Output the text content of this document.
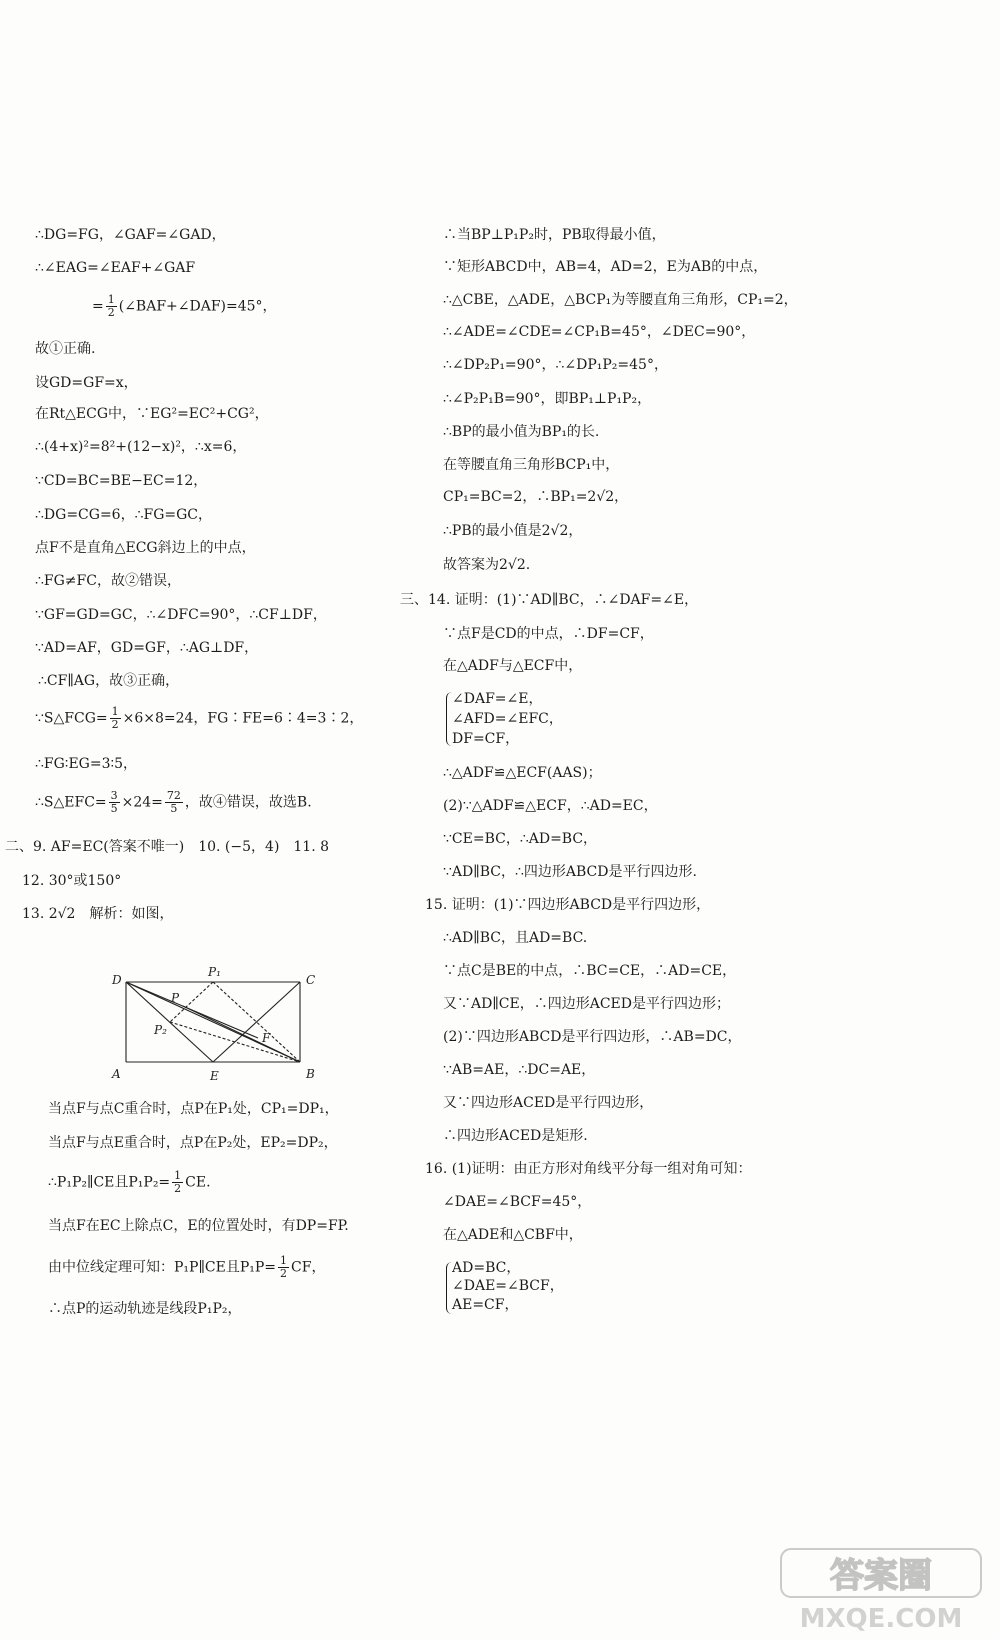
∴DG=FG，∠GAF=∠GAD，
∴∠EAG=∠EAF+∠GAF
= $\frac{1}{2}$ (∠BAF+∠DAF)=45°，
故①正确.
设GD=GF=x，
在Rt△ECG中，∵EG²=EC²+CG²，
∴(4+x)²=8²+(12−x)²，∴x=6，
∵CD=BC=BE−EC=12，
∴DG=CG=6，∴FG=GC，
点F不是直角△ECG斜边上的中点，
∴FG≠FC，故②错误，
∵GF=GD=GC，∴∠DFC=90°，∴CF⊥DF，
∵AD=AF，GD=GF，∴AG⊥DF，
∴CF∥AG，故③正确，
∵S△FCG= $\frac{1}{2} \times 6\times 8=24$，FG∶FE=6∶4=3∶2，
∴FG∶EG=3∶5，
∴S△EFC= $\frac{3}{5} \times 24= \frac{72}{5}$ ，故④错误，故选B.
二、9. AF=EC(答案不唯一)　10. (−5，4)　11. 8
12. 30°或150°
13. 2√2　解析：如图，
D	C
A	B
E
P₁
P
P₂
F
当点F与点C重合时，点P在P₁处，CP₁=DP₁，
当点F与点E重合时，点P在P₂处，EP₂=DP₂，
∴P₁P₂∥CE且$P_1P_2= \frac{1}{2}$ CE.
当点F在EC上除点C，E的位置处时，有DP=FP.
由中位线定理可知：P₁P∥CE且$P_1P= \frac{1}{2}$ CF，
∴点P的运动轨迹是线段P₁P₂，
∴当BP⊥P₁P₂时，PB取得最小值，
∵矩形ABCD中，AB=4，AD=2，E为AB的中点，
∴△CBE，△ADE，△BCP₁为等腰直角三角形，CP₁=2，
∴∠ADE=∠CDE=∠CP₁B=45°，∠DEC=90°，
∴∠DP₂P₁=90°，∴∠DP₁P₂=45°，
∴∠P₂P₁B=90°，即BP₁⊥P₁P₂，
∴BP的最小值为BP₁的长.
在等腰直角三角形BCP₁中，
CP₁=BC=2，∴BP₁=2√2，
∴PB的最小值是2√2，
故答案为2√2.
三、14. 证明：(1)∵AD∥BC，∴∠DAF=∠E，
∵点F是CD的中点，∴DF=CF，
在△ADF与△ECF中，
∠DAF=∠E，
∠AFD=∠EFC，
DF=CF，
∴△ADF≌△ECF(AAS)；
(2)∵△ADF≌△ECF，∴AD=EC，
∵CE=BC，∴AD=BC，
∵AD∥BC，∴四边形ABCD是平行四边形.
15. 证明：(1)∵四边形ABCD是平行四边形，
∴AD∥BC，且AD=BC.
∵点C是BE的中点，∴BC=CE，∴AD=CE，
又∵AD∥CE，∴四边形ACED是平行四边形；
(2)∵四边形ABCD是平行四边形，∴AB=DC，
∵AB=AE，∴DC=AE，
又∵四边形ACED是平行四边形，
∴四边形ACED是矩形.
16. (1)证明：由正方形对角线平分每一组对角可知：
∠DAE=∠BCF=45°，
在△ADE和△CBF中，
AD=BC，
∠DAE=∠BCF，
AE=CF，
答案圈
MXQE.COM
